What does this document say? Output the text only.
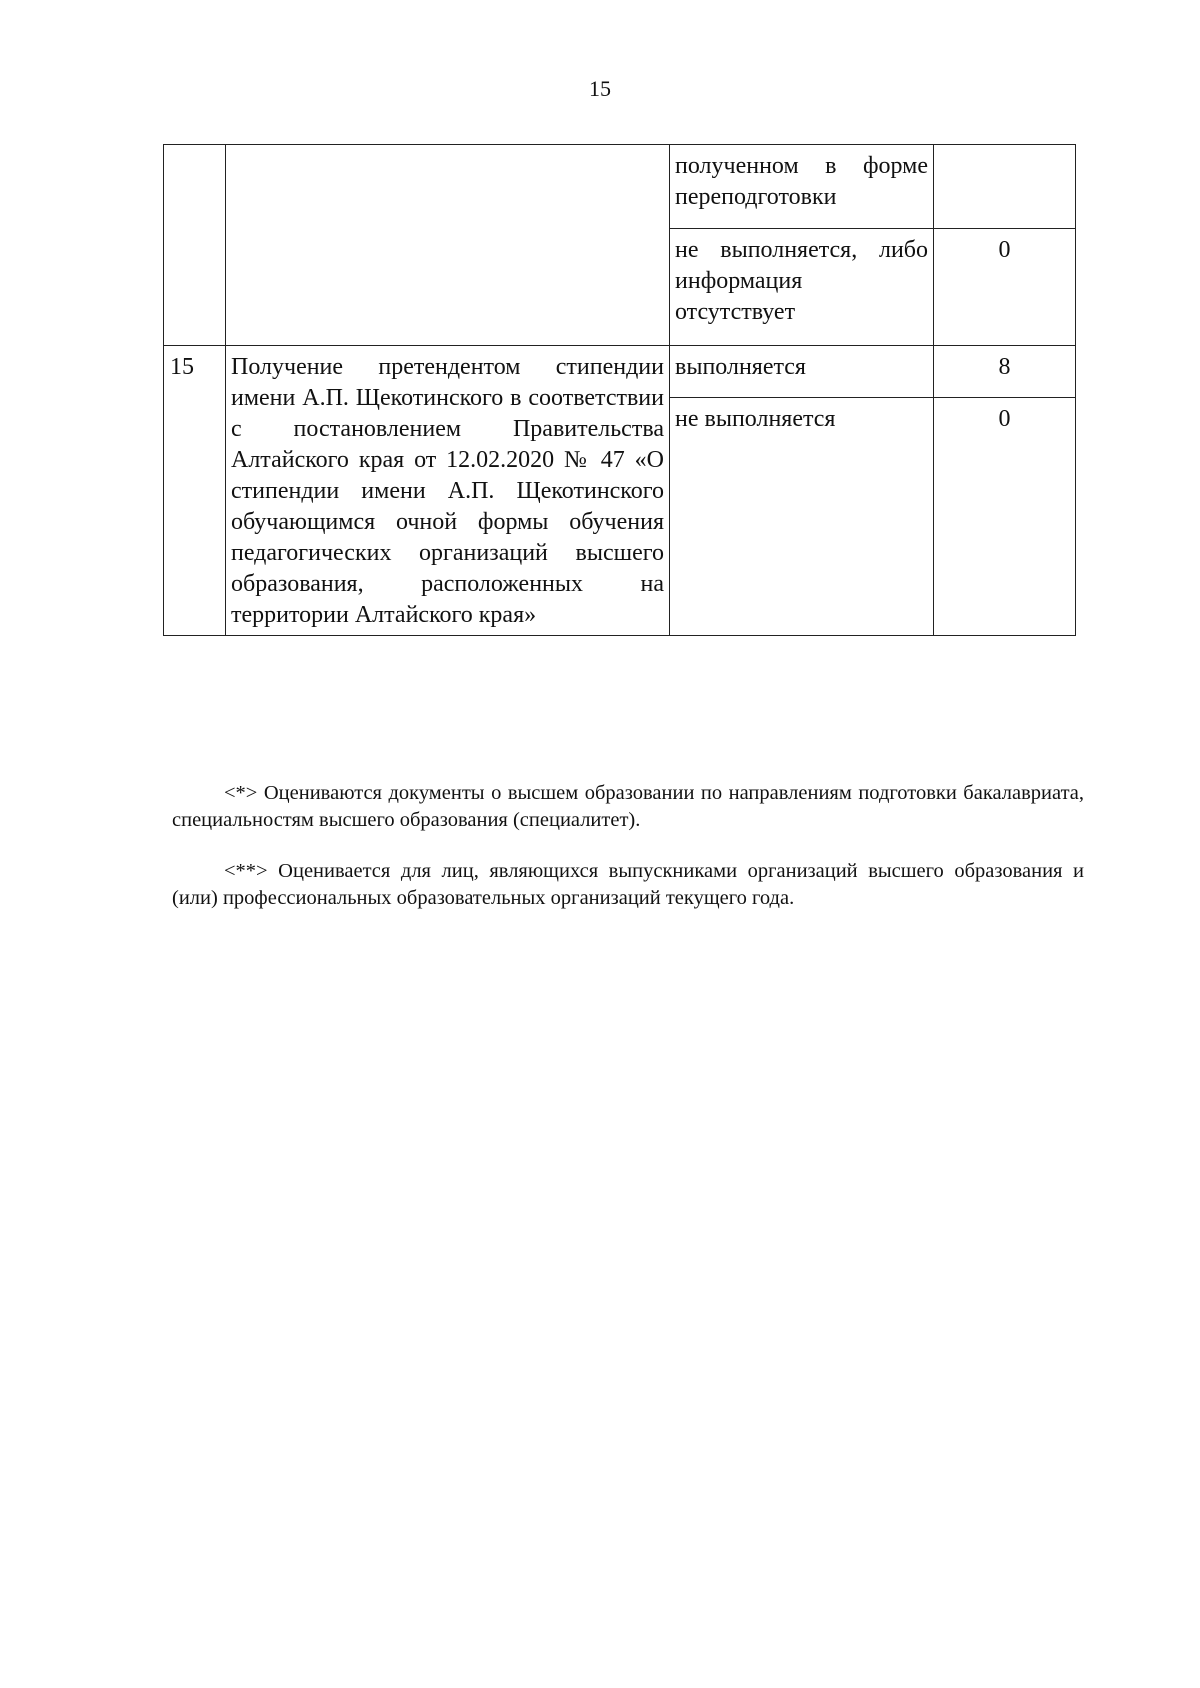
15
		полученном в форме переподготовки	
		не выполняется, либо информация отсутствует	0
15	Получение претендентом стипендии имени А.П. Щекотинского в соответствии с постановлением Правительства Алтайского края от 12.02.2020 № 47 «О стипендии имени А.П. Щекотинского обучающимся очной формы обучения педагогических организаций высшего образования, расположенных на территории Алтайского края»	выполняется	8
		не выполняется	0

<*> Оцениваются документы о высшем образовании по направлениям подготовки бакалавриата, специальностям высшего образования (специалитет).

<**> Оценивается для лиц, являющихся выпускниками организаций высшего образования и (или) профессиональных образовательных организаций текущего года.
